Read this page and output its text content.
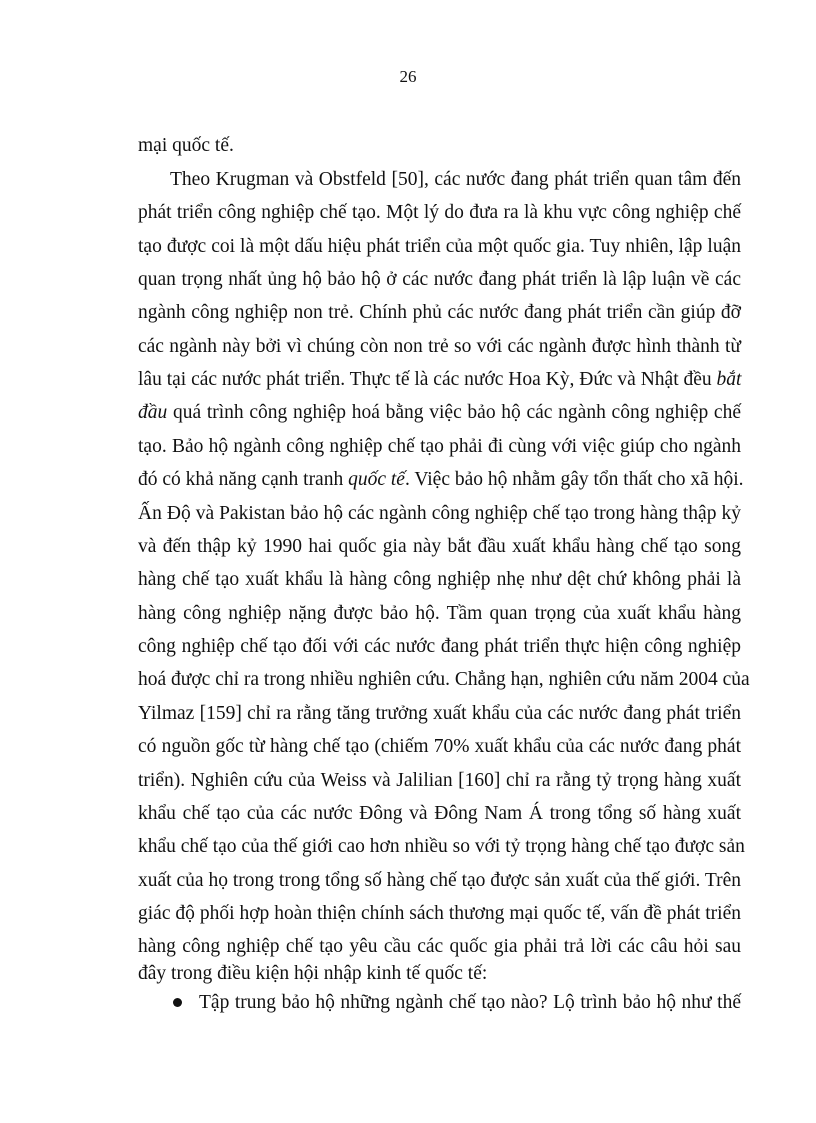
26
mại quốc tế.
Theo Krugman và Obstfeld [50], các nước đang phát triển quan tâm đến
phát triển công nghiệp chế tạo. Một lý do đưa ra là khu vực công nghiệp chế
tạo được coi là một dấu hiệu phát triển của một quốc gia. Tuy nhiên, lập luận
quan trọng nhất ủng hộ bảo hộ ở các nước đang phát triển là lập luận về các
ngành công nghiệp non trẻ. Chính phủ các nước đang phát triển cần giúp đỡ
các ngành này bởi vì chúng còn non trẻ so với các ngành được hình thành từ
lâu tại các nước phát triển. Thực tế là các nước Hoa Kỳ, Đức và Nhật đều bắt
đầu quá trình công nghiệp hoá bằng việc bảo hộ các ngành công nghiệp chế
tạo. Bảo hộ ngành công nghiệp chế tạo phải đi cùng với việc giúp cho ngành
đó có khả năng cạnh tranh quốc tế. Việc bảo hộ nhằm gây tổn thất cho xã hội.
Ấn Độ và Pakistan bảo hộ các ngành công nghiệp chế tạo trong hàng thập kỷ
và đến thập kỷ 1990 hai quốc gia này bắt đầu xuất khẩu hàng chế tạo song
hàng chế tạo xuất khẩu là hàng công nghiệp nhẹ như dệt chứ không phải là
hàng công nghiệp nặng được bảo hộ. Tầm quan trọng của xuất khẩu hàng
công nghiệp chế tạo đối với các nước đang phát triển thực hiện công nghiệp
hoá được chỉ ra trong nhiều nghiên cứu. Chẳng hạn, nghiên cứu năm 2004 của
Yilmaz [159] chỉ ra rằng tăng trưởng xuất khẩu của các nước đang phát triển
có nguồn gốc từ hàng chế tạo (chiếm 70% xuất khẩu của các nước đang phát
triển). Nghiên cứu của Weiss và Jalilian [160] chỉ ra rằng tỷ trọng hàng xuất
khẩu chế tạo của các nước Đông và Đông Nam Á trong tổng số hàng xuất
khẩu chế tạo của thế giới cao hơn nhiều so với tỷ trọng hàng chế tạo được sản
xuất của họ trong trong tổng số hàng chế tạo được sản xuất của thế giới. Trên
giác độ phối hợp hoàn thiện chính sách thương mại quốc tế, vấn đề phát triển
hàng công nghiệp chế tạo yêu cầu các quốc gia phải trả lời các câu hỏi sau
đây trong điều kiện hội nhập kinh tế quốc tế:
Tập trung bảo hộ những ngành chế tạo nào? Lộ trình bảo hộ như thế
